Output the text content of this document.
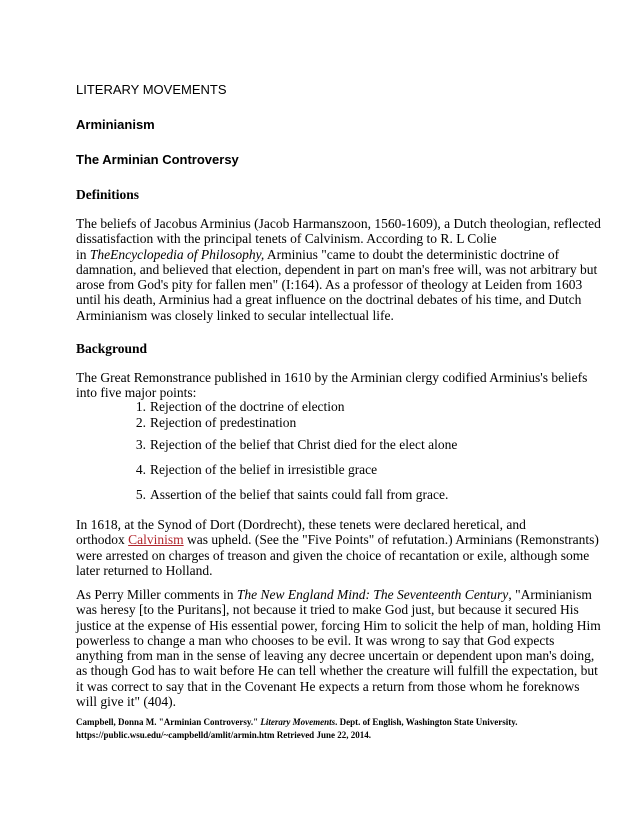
LITERARY MOVEMENTS
Arminianism
The Arminian Controversy
Definitions
The beliefs of Jacobus Arminius (Jacob Harmanszoon, 1560-1609), a Dutch theologian, reflected
dissatisfaction with the principal tenets of Calvinism. According to R. L Colie
in TheEncyclopedia of Philosophy, Arminius "came to doubt the deterministic doctrine of
damnation, and believed that election, dependent in part on man's free will, was not arbitrary but
arose from God's pity for fallen men" (I:164). As a professor of theology at Leiden from 1603
until his death, Arminius had a great influence on the doctrinal debates of his time, and Dutch
Arminianism was closely linked to secular intellectual life.
Background
The Great Remonstrance published in 1610 by the Arminian clergy codified Arminius's beliefs
into five major points:
1. Rejection of the doctrine of election
2. Rejection of predestination
3. Rejection of the belief that Christ died for the elect alone
4. Rejection of the belief in irresistible grace
5. Assertion of the belief that saints could fall from grace.
In 1618, at the Synod of Dort (Dordrecht), these tenets were declared heretical, and
orthodox Calvinism was upheld. (See the "Five Points" of refutation.) Arminians (Remonstrants)
were arrested on charges of treason and given the choice of recantation or exile, although some
later returned to Holland.
As Perry Miller comments in The New England Mind: The Seventeenth Century, "Arminianism
was heresy [to the Puritans], not because it tried to make God just, but because it secured His
justice at the expense of His essential power, forcing Him to solicit the help of man, holding Him
powerless to change a man who chooses to be evil. It was wrong to say that God expects
anything from man in the sense of leaving any decree uncertain or dependent upon man's doing,
as though God has to wait before He can tell whether the creature will fulfill the expectation, but
it was correct to say that in the Covenant He expects a return from those whom he foreknows
will give it" (404).
Campbell, Donna M. "Arminian Controversy." Literary Movements. Dept. of English, Washington State University.
https://public.wsu.edu/~campbelld/amlit/armin.htm Retrieved June 22, 2014.
